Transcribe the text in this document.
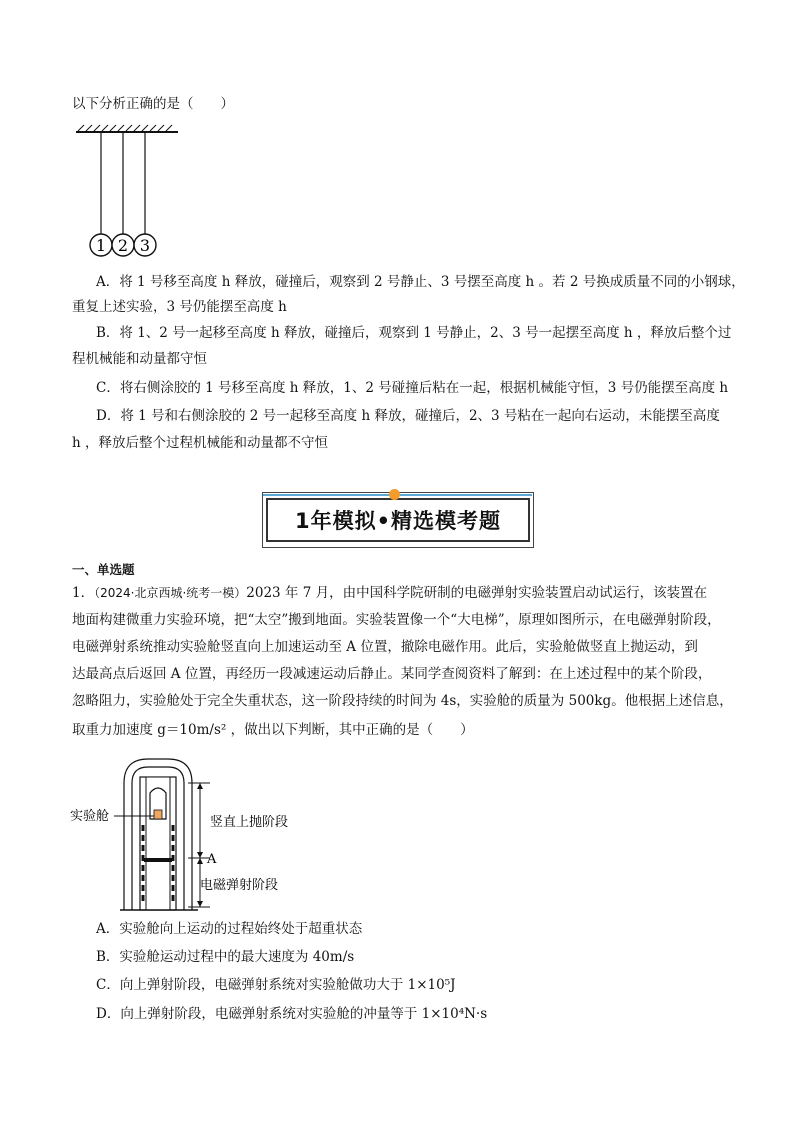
以下分析正确的是（　　）
1 2 3
A．将 1 号移至高度 h 释放，碰撞后，观察到 2 号静止、3 号摆至高度 h 。若 2 号换成质量不同的小钢球，
重复上述实验，3 号仍能摆至高度 h
B．将 1、2 号一起移至高度 h 释放，碰撞后，观察到 1 号静止，2、3 号一起摆至高度 h ，释放后整个过
程机械能和动量都守恒
C．将右侧涂胶的 1 号移至高度 h 释放，1、2 号碰撞后粘在一起，根据机械能守恒，3 号仍能摆至高度 h
D．将 1 号和右侧涂胶的 2 号一起移至高度 h 释放，碰撞后，2、3 号粘在一起向右运动，未能摆至高度
h ，释放后整个过程机械能和动量都不守恒
1年模拟•精选模考题
一、单选题
1．（2024·北京西城·统考一模）2023 年 7 月，由中国科学院研制的电磁弹射实验装置启动试运行，该装置在
地面构建微重力实验环境，把“太空”搬到地面。实验装置像一个“大电梯”，原理如图所示，在电磁弹射阶段，
电磁弹射系统推动实验舱竖直向上加速运动至 A 位置，撤除电磁作用。此后，实验舱做竖直上抛运动，到
达最高点后返回 A 位置，再经历一段减速运动后静止。某同学查阅资料了解到：在上述过程中的某个阶段，
忽略阻力，实验舱处于完全失重状态，这一阶段持续的时间为 4s，实验舱的质量为 500kg。他根据上述信息，
取重力加速度 g＝10m/s² ，做出以下判断，其中正确的是（　　）
实验舱	竖直上抛阶段
A
电磁弹射阶段
A．实验舱向上运动的过程始终处于超重状态
B．实验舱运动过程中的最大速度为 40m/s
C．向上弹射阶段，电磁弹射系统对实验舱做功大于 1×10⁵J
D．向上弹射阶段，电磁弹射系统对实验舱的冲量等于 1×10⁴N·s
